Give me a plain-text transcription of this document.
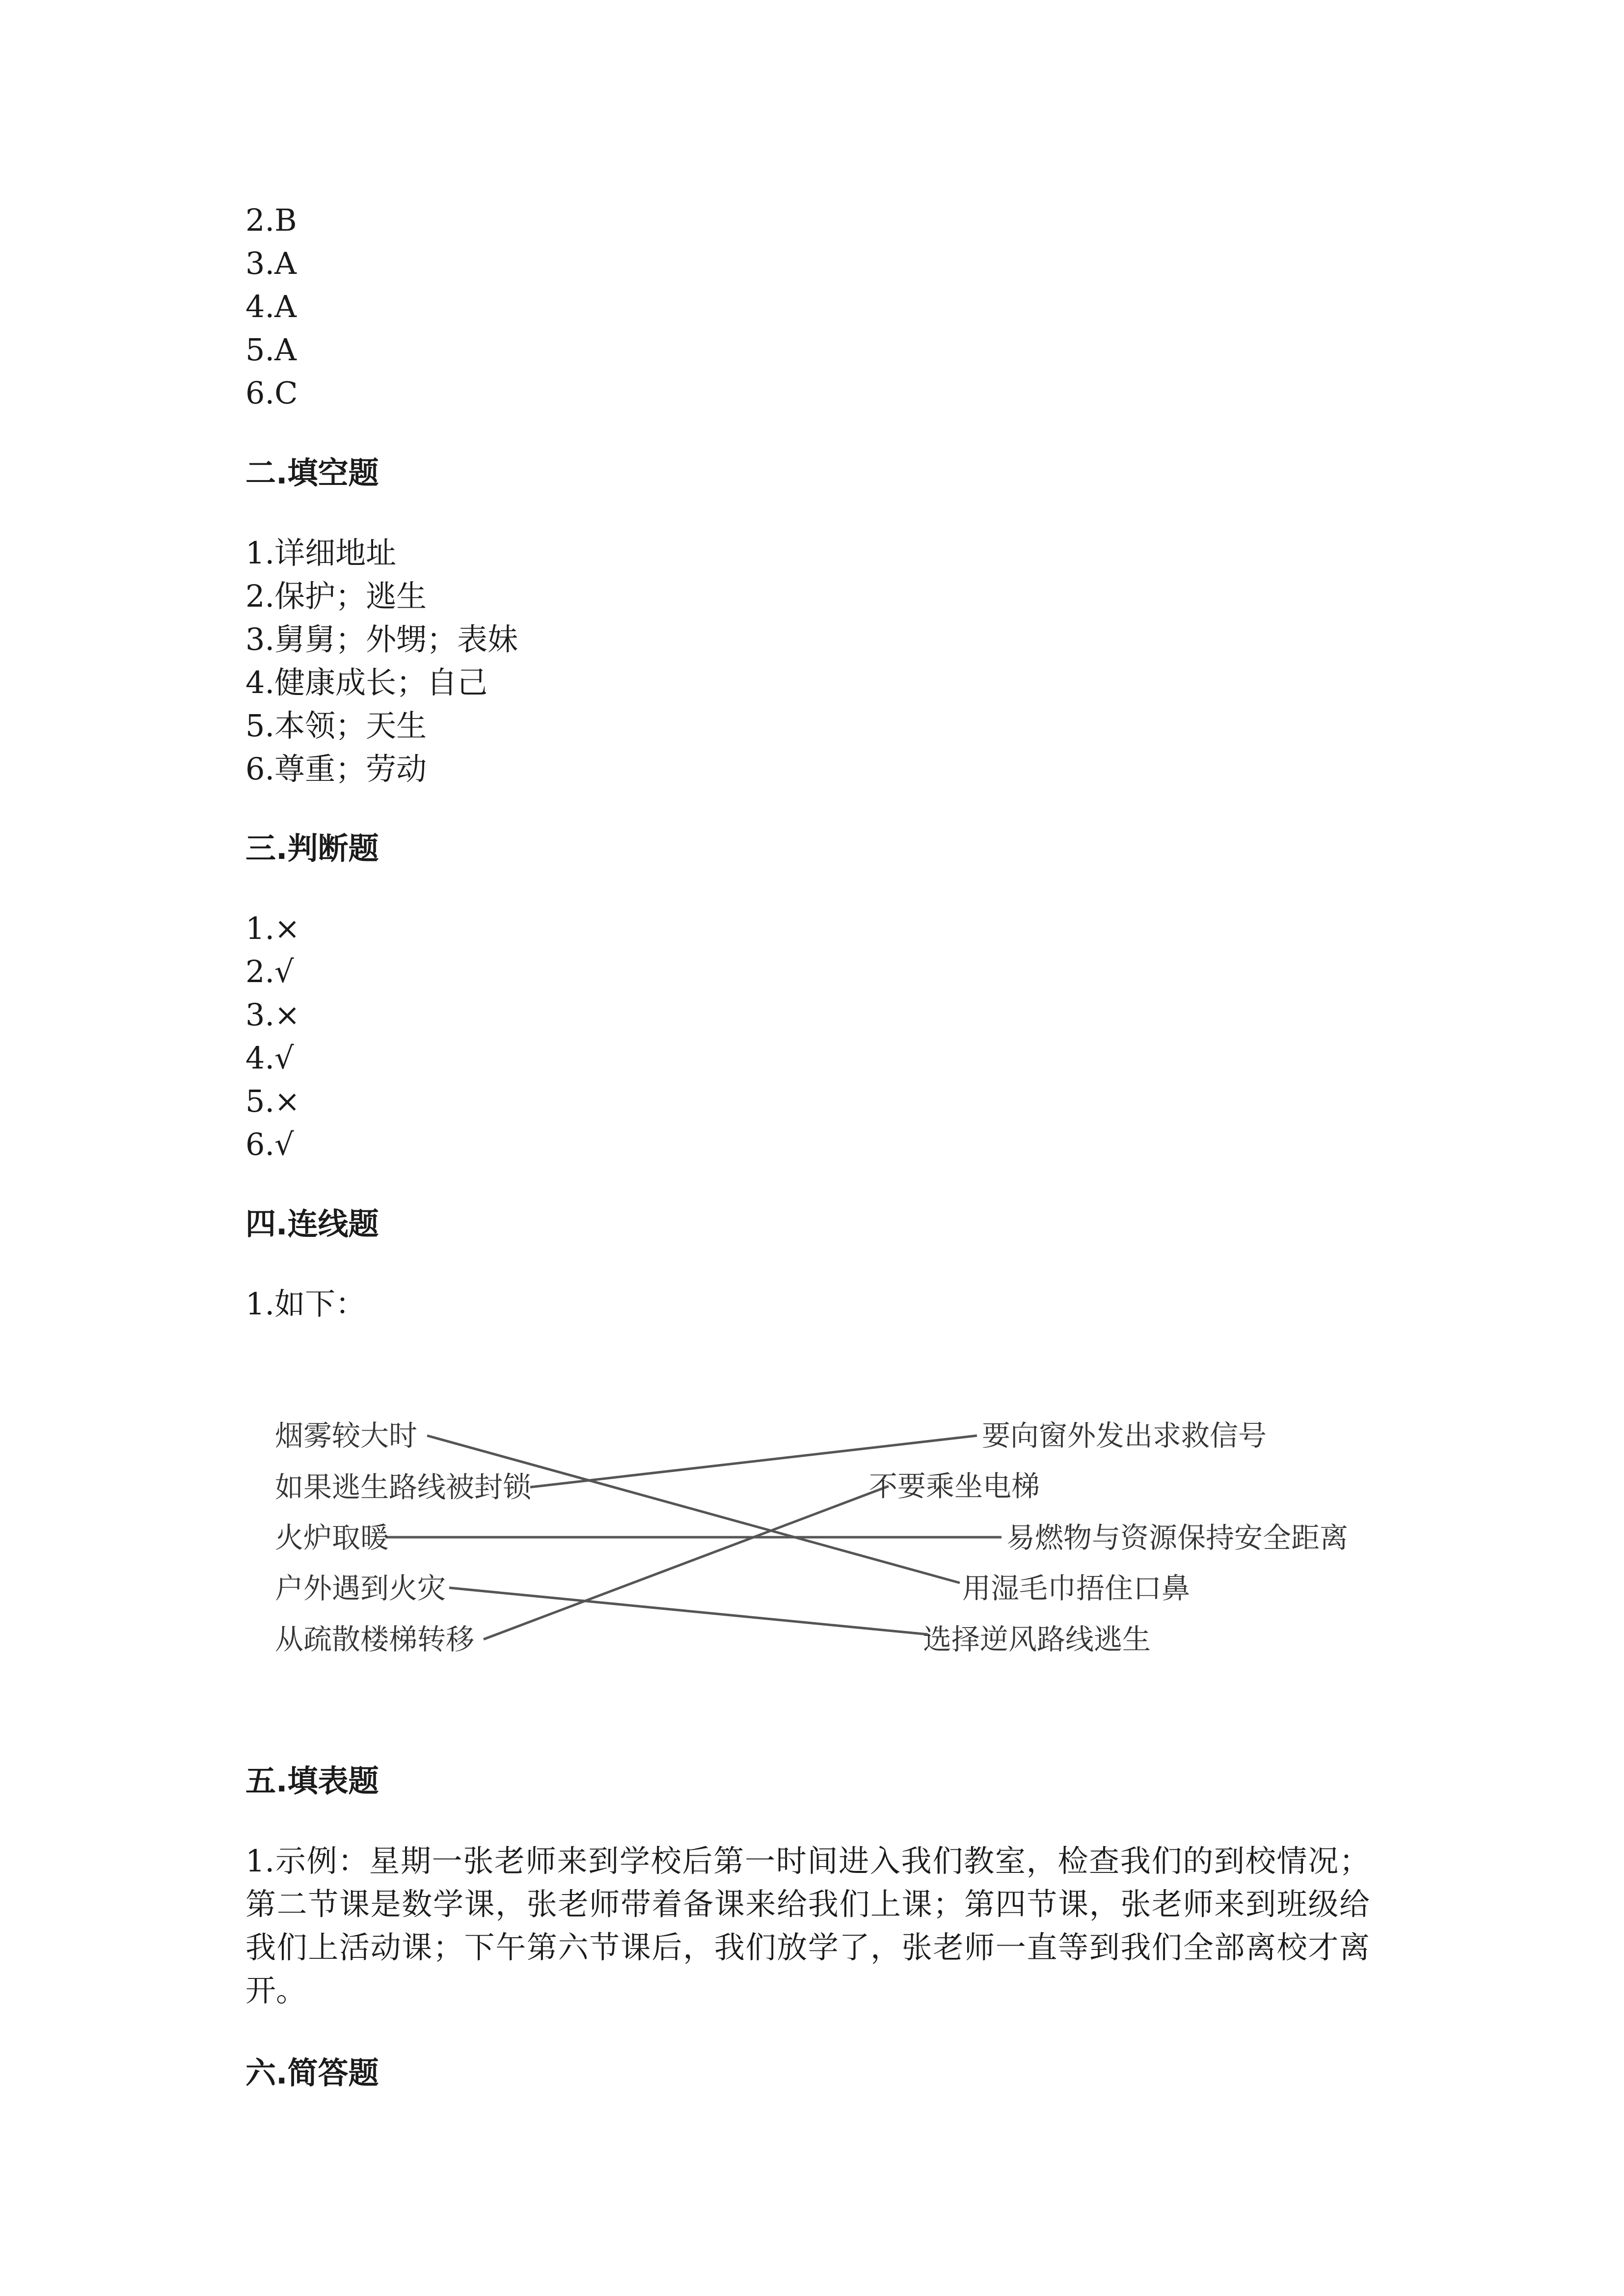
2.B
3.A
4.A
5.A
6.C
二.填空题
1.详细地址
2.保护；逃生
3.舅舅；外甥；表妹
4.健康成长；自己
5.本领；天生
6.尊重；劳动
三.判断题
1.×
2.√
3.×
4.√
5.×
6.√
四.连线题
1.如下：
五.填表题
1.示例：星期一张老师来到学校后第一时间进入我们教室，检查我们的到校情况；第二节课是数学课，张老师带着备课来给我们上课；第四节课，张老师来到班级给我们上活动课；下午第六节课后，我们放学了，张老师一直等到我们全部离校才离开。
六.简答题
烟雾较大时
如果逃生路线被封锁
火炉取暖
户外遇到火灾
从疏散楼梯转移
要向窗外发出求救信号
不要乘坐电梯
易燃物与资源保持安全距离
用湿毛巾捂住口鼻
选择逆风路线逃生
